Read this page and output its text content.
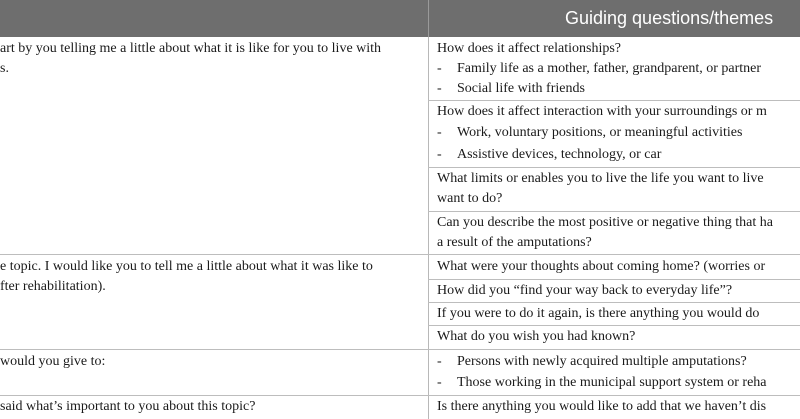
Guiding questions/themes
art by you telling me a little about what it is like for you to live with
s.
How does it affect relationships?
- Family life as a mother, father, grandparent, or partner
- Social life with friends
How does it affect interaction with your surroundings or m
- Work, voluntary positions, or meaningful activities
- Assistive devices, technology, or car
What limits or enables you to live the life you want to live
want to do?
Can you describe the most positive or negative thing that ha
a result of the amputations?
e topic. I would like you to tell me a little about what it was like to
fter rehabilitation).
What were your thoughts about coming home? (worries or
How did you “find your way back to everyday life”?
If you were to do it again, is there anything you would do
What do you wish you had known?
would you give to:	- Persons with newly acquired multiple amputations?
- Those working in the municipal support system or reha
said what’s important to you about this topic?	Is there anything you would like to add that we haven’t dis
